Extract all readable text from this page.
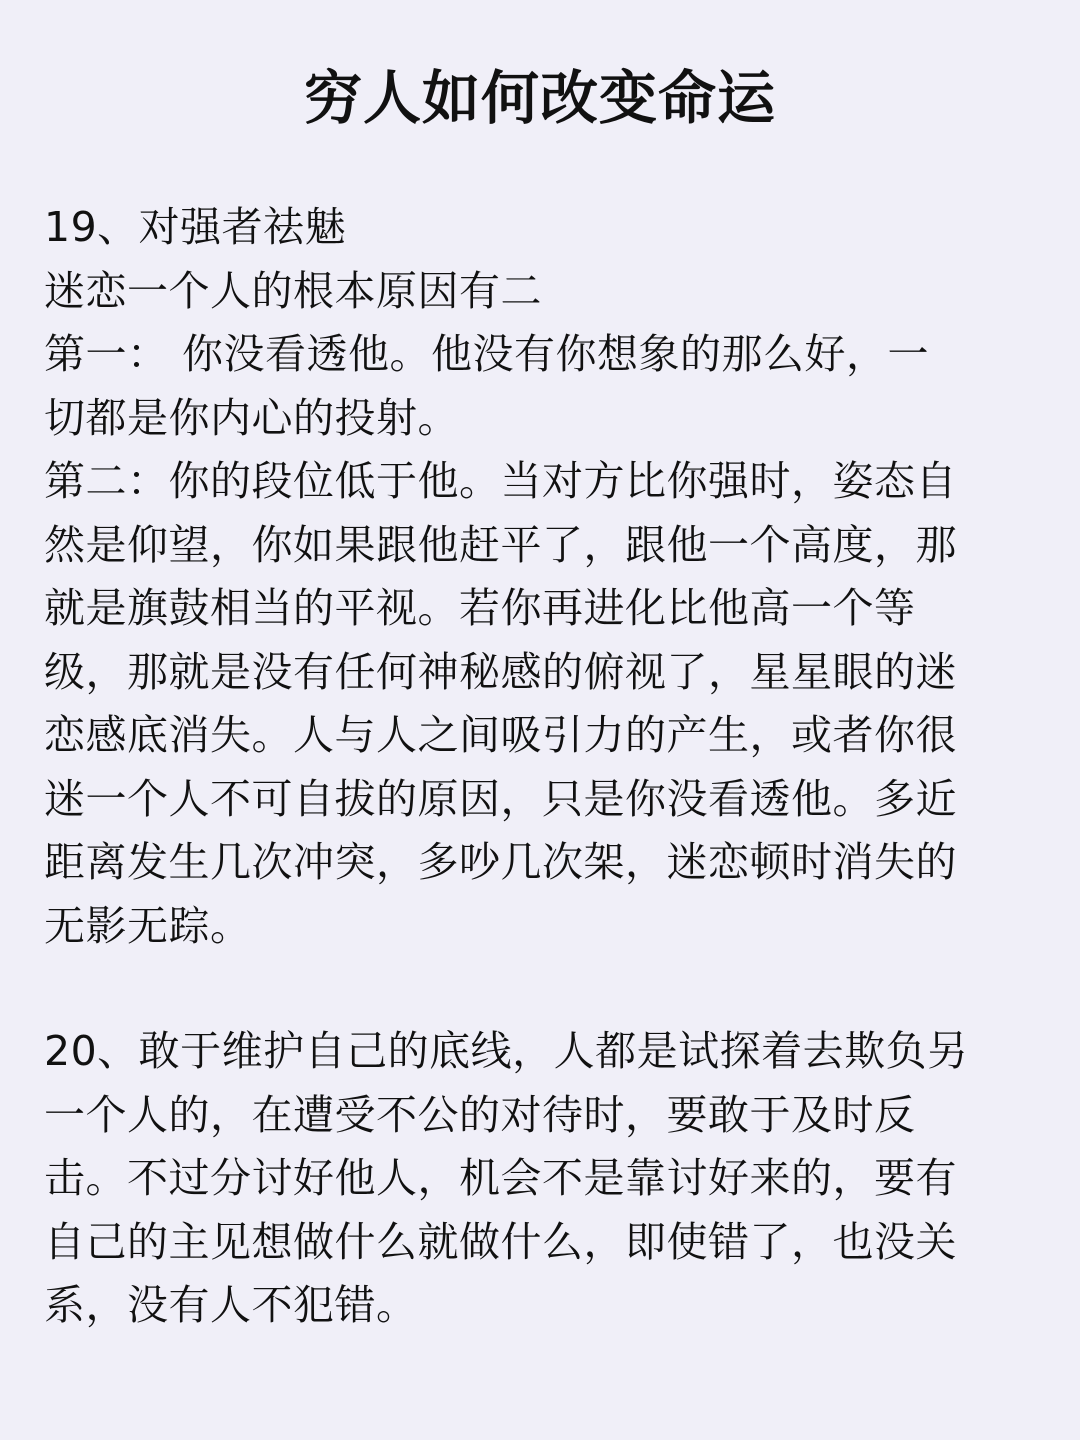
穷人如何改变命运
19、对强者祛魅
迷恋一个人的根本原因有二
第一： 你没看透他。他没有你想象的那么好，一
切都是你内心的投射。
第二：你的段位低于他。当对方比你强时，姿态自
然是仰望，你如果跟他赶平了，跟他一个高度，那
就是旗鼓相当的平视。若你再进化比他高一个等
级，那就是没有任何神秘感的俯视了，星星眼的迷
恋感底消失。人与人之间吸引力的产生，或者你很
迷一个人不可自拔的原因，只是你没看透他。多近
距离发生几次冲突，多吵几次架，迷恋顿时消失的
无影无踪。
20、敢于维护自己的底线，人都是试探着去欺负另
一个人的，在遭受不公的对待时，要敢于及时反
击。不过分讨好他人，机会不是靠讨好来的，要有
自己的主见想做什么就做什么，即使错了，也没关
系，没有人不犯错。
